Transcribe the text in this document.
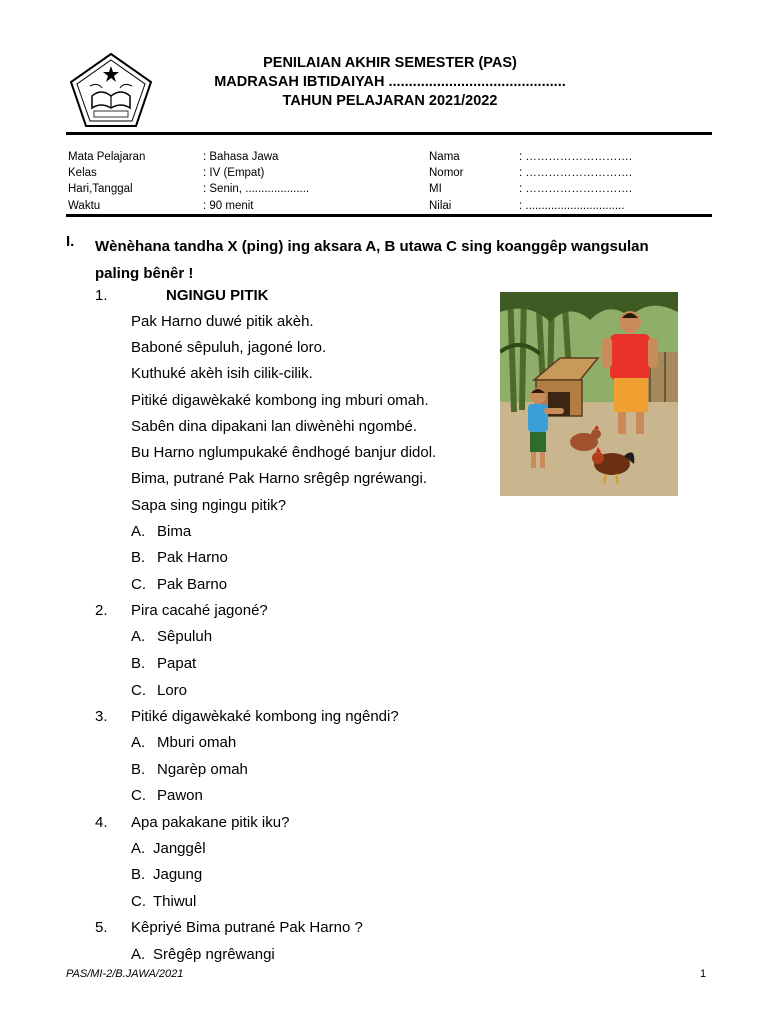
PENILAIAN AKHIR SEMESTER (PAS)
MADRASAH IBTIDAIYAH ............................................
TAHUN PELAJARAN 2021/2022
Mata Pelajaran	: Bahasa Jawa	Nama	: ……………………….
Kelas	: IV (Empat)	Nomor	: ……………………….
Hari,Tanggal	: Senin, ....................	MI	: ……………………….
Waktu	: 90 menit	Nilai	: ...............................
I. Wènèhana tandha X (ping) ing aksara A, B utawa C sing koanggêp wangsulan paling bênêr !
1.	NGINGU PITIK
Pak Harno duwé pitik akèh.
Baboné sêpuluh, jagoné loro.
Kuthuké akèh isih cilik-cilik.
Pitiké digawèkaké kombong ing mburi omah.
Sabên dina dipakani lan diwènèhi ngombé.
Bu Harno nglumpukaké êndhogé banjur didol.
Bima, putrané Pak Harno srêgêp ngréwangi.
Sapa sing ngingu pitik?
A. Bima
B. Pak Harno
C. Pak Barno
2. Pira cacahé jagoné?
A. Sêpuluh
B. Papat
C. Loro
3. Pitiké digawèkaké kombong ing ngêndi?
A. Mburi omah
B. Ngarèp omah
C. Pawon
4. Apa pakakane pitik iku?
A. Janggêl
B. Jagung
C. Thiwul
5. Kêpriyé Bima putrané Pak Harno ?
A. Srêgêp ngrêwangi
PAS/MI-2/B.JAWA/2021	1
